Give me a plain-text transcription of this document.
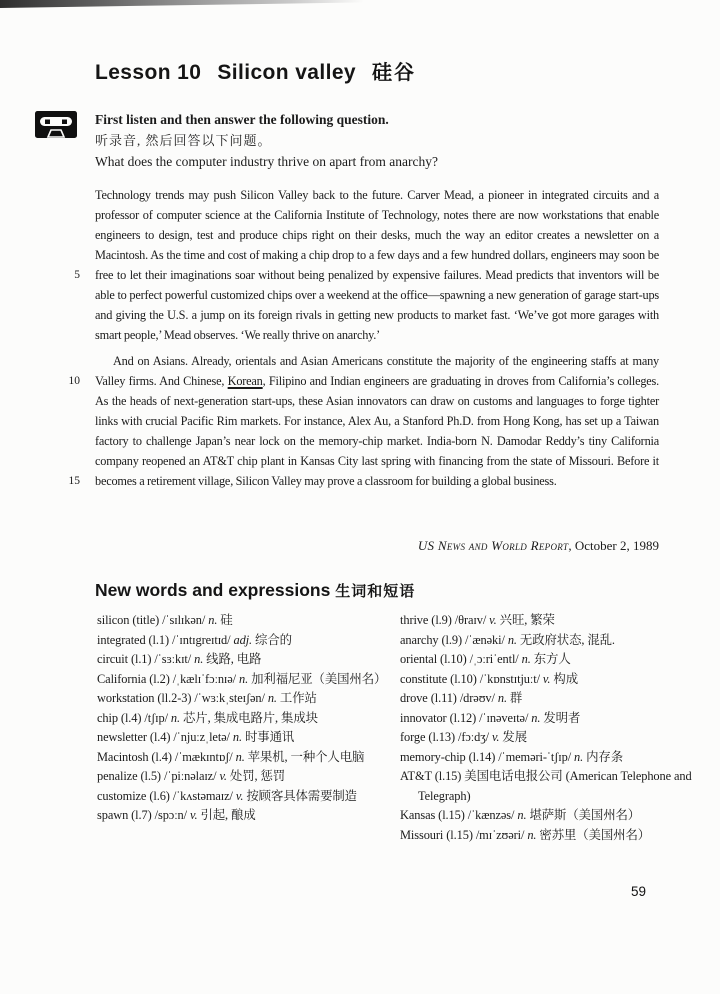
Lesson 10 Silicon valley 硅谷
First listen and then answer the following question.
听录音, 然后回答以下问题。
What does the computer industry thrive on apart from anarchy?
5
10
15
Technology trends may push Silicon Valley back to the future. Carver Mead, a pioneer in integrated circuits and a professor of computer science at the California Institute of Technology, notes there are now workstations that enable engineers to design, test and produce chips right on their desks, much the way an editor creates a newsletter on a Macintosh. As the time and cost of making a chip drop to a few days and a few hundred dollars, engineers may soon be free to let their imaginations soar without being penalized by expensive failures. Mead predicts that inventors will be able to perfect powerful customized chips over a weekend at the office—spawning a new generation of garage start-ups and giving the U.S. a jump on its foreign rivals in getting new products to market fast. ‘We’ve got more garages with smart people,’ Mead observes. ‘We really thrive on anarchy.’
And on Asians. Already, orientals and Asian Americans constitute the majority of the engineering staffs at many Valley firms. And Chinese, Korean, Filipino and Indian engineers are graduating in droves from California’s colleges. As the heads of next-generation start-ups, these Asian innovators can draw on customs and languages to forge tighter links with crucial Pacific Rim markets. For instance, Alex Au, a Stanford Ph.D. from Hong Kong, has set up a Taiwan factory to challenge Japan’s near lock on the memory-chip market. India-born N. Damodar Reddy’s tiny California company reopened an AT&T chip plant in Kansas City last spring with financing from the state of Missouri. Before it becomes a retirement village, Silicon Valley may prove a classroom for building a global business.
US News and World Report, October 2, 1989
New words and expressions 生词和短语
silicon (title) /ˈsɪlɪkən/ n. 硅
integrated (l.1) /ˈɪntɪgreɪtɪd/ adj. 综合的
circuit (l.1) /ˈsɜːkɪt/ n. 线路, 电路
California (l.2) /ˌkælɪˈfɔːnɪə/ n. 加利福尼亚（美国州名）
workstation (ll.2-3) /ˈwɜːkˌsteɪʃən/ n. 工作站
chip (l.4) /tʃɪp/ n. 芯片, 集成电路片, 集成块
newsletter (l.4) /ˈnjuːzˌletə/ n. 时事通讯
Macintosh (l.4) /ˈmækɪntɒʃ/ n. 苹果机, 一种个人电脑
penalize (l.5) /ˈpiːnəlaɪz/ v. 处罚, 惩罚
customize (l.6) /ˈkʌstəmaɪz/ v. 按顾客具体需要制造
spawn (l.7) /spɔːn/ v. 引起, 酿成
thrive (l.9) /θraɪv/ v. 兴旺, 繁荣
anarchy (l.9) /ˈænəki/ n. 无政府状态, 混乱.
oriental (l.10) /ˌɔːriˈentl/ n. 东方人
constitute (l.10) /ˈkɒnstɪtjuːt/ v. 构成
drove (l.11) /drəʊv/ n. 群
innovator (l.12) /ˈɪnəveɪtə/ n. 发明者
forge (l.13) /fɔːdʒ/ v. 发展
memory-chip (l.14) /ˈmeməri-ˈtʃɪp/ n. 内存条
AT&T (l.15) 美国电话电报公司 (American Telephone and Telegraph)
Kansas (l.15) /ˈkænzəs/ n. 堪萨斯（美国州名）
Missouri (l.15) /mɪˈzʊəri/ n. 密苏里（美国州名）
59
